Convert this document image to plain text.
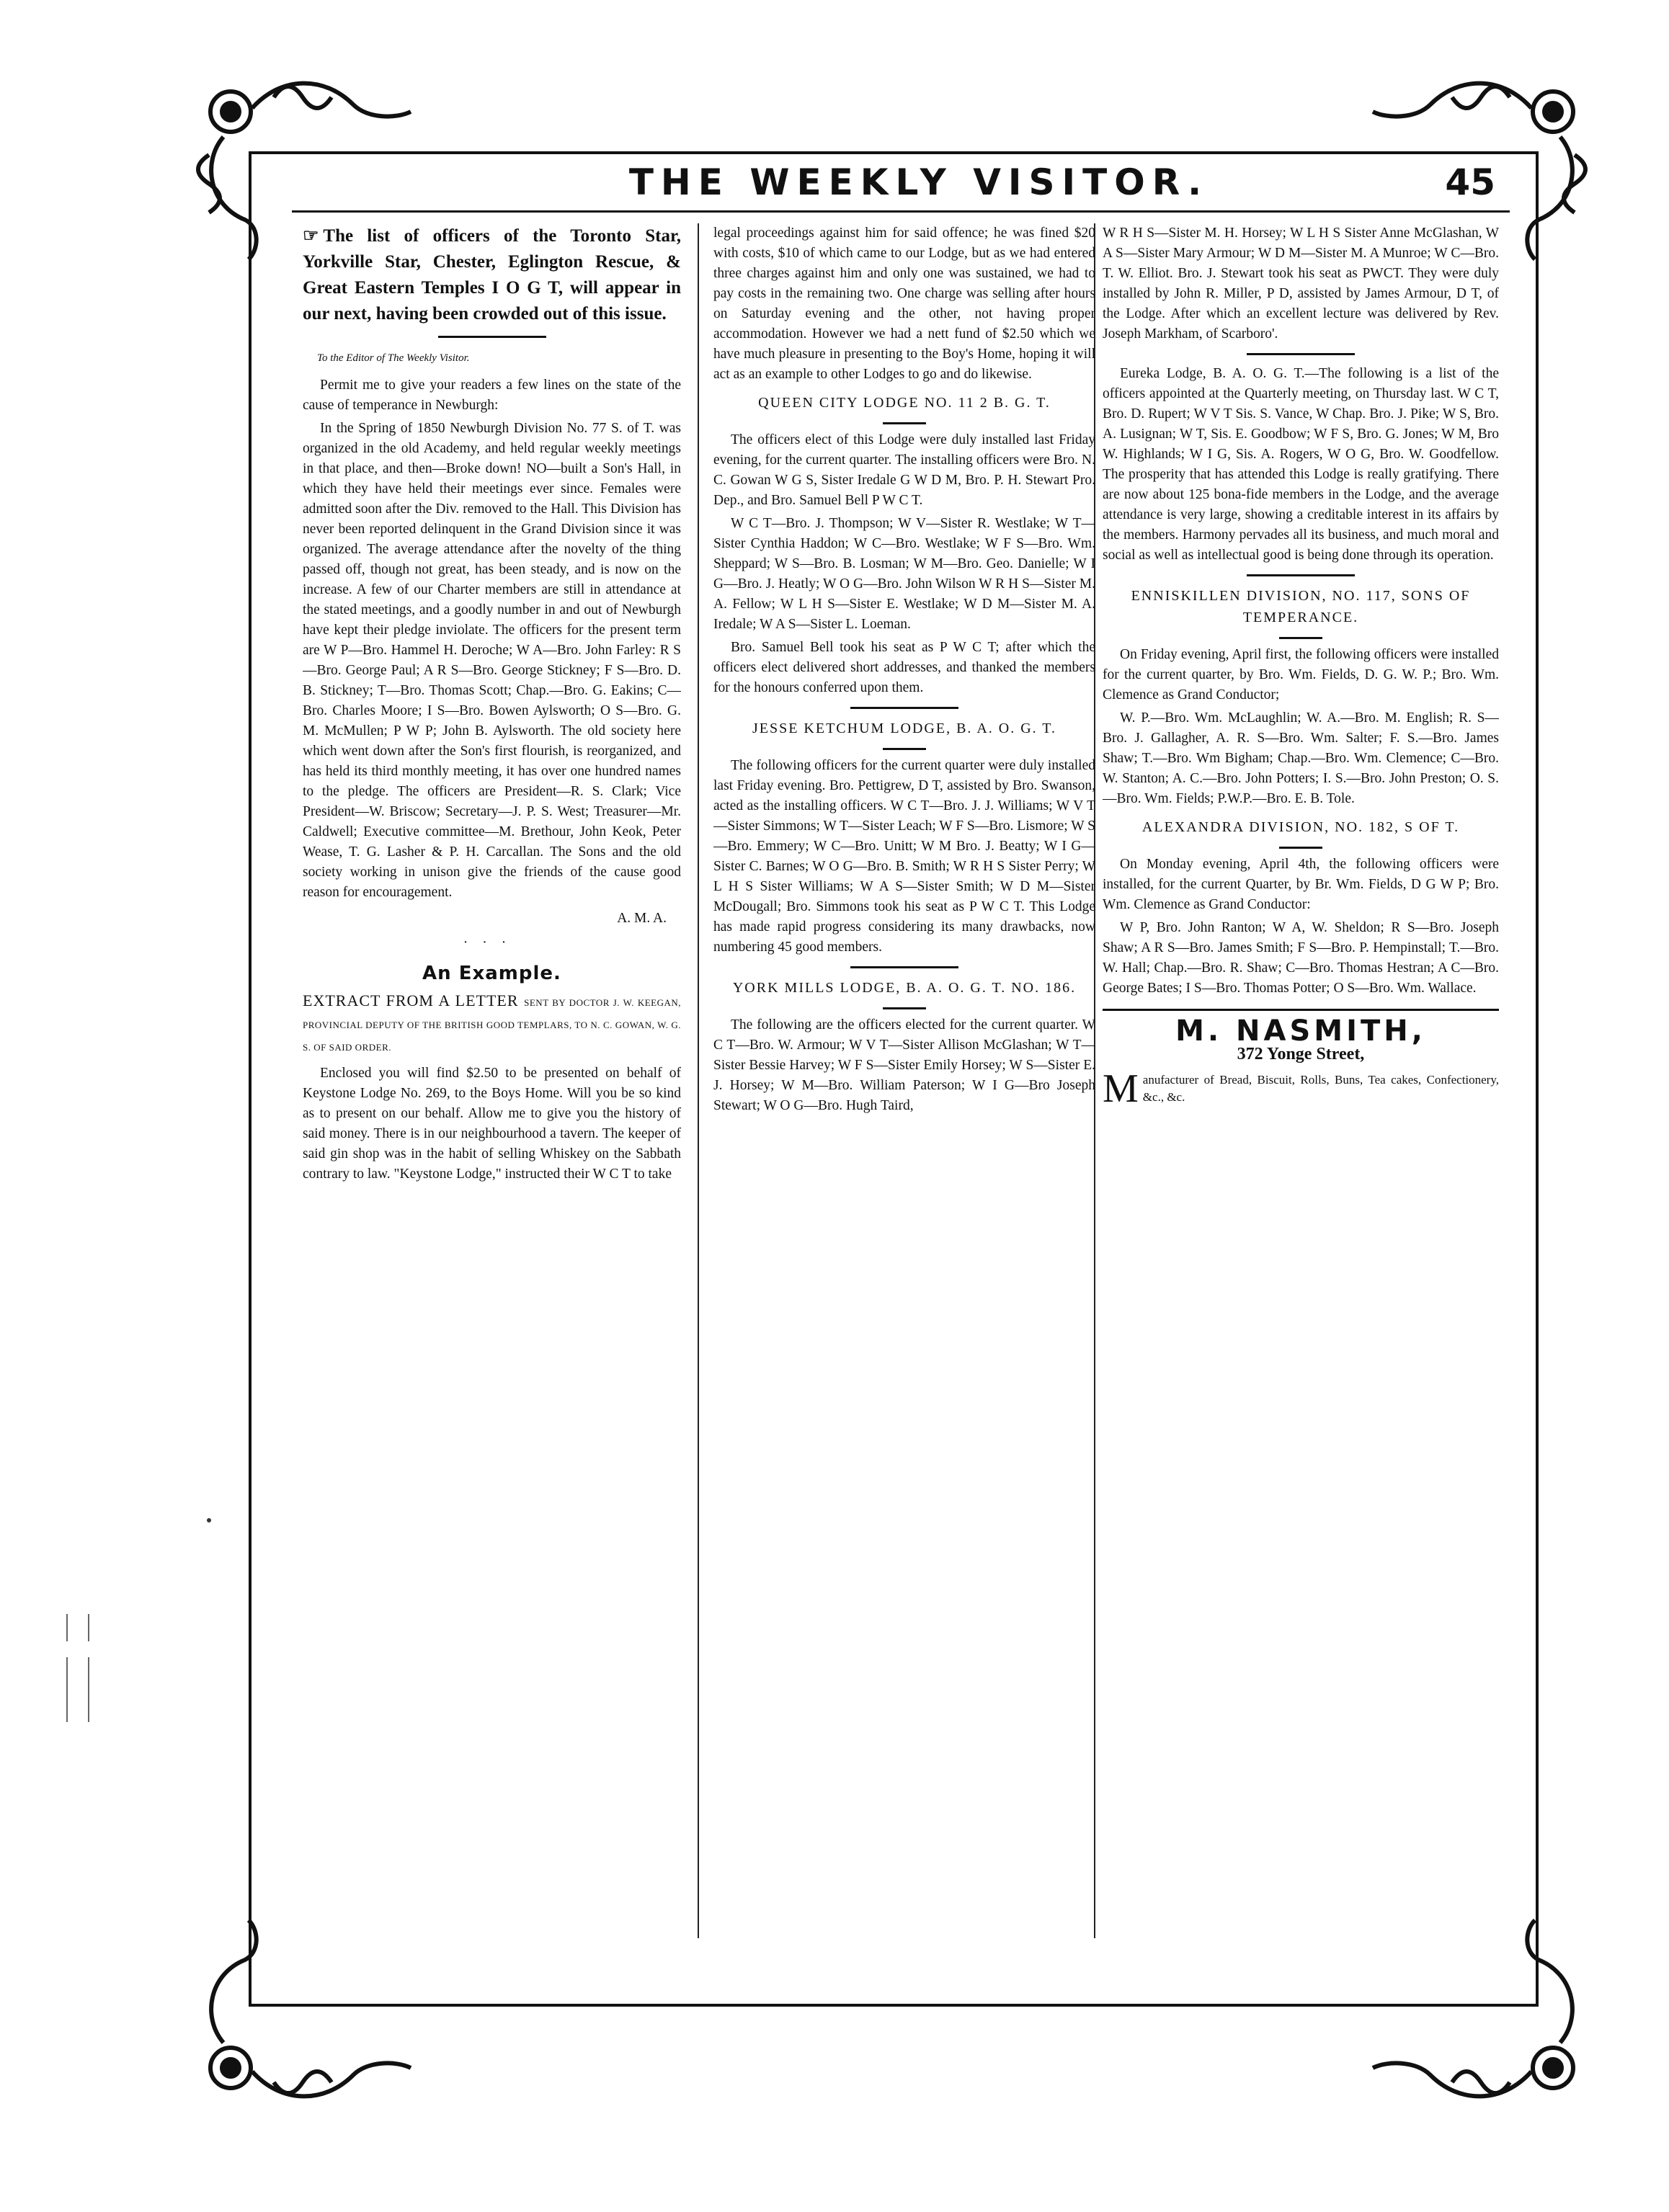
THE WEEKLY VISITOR.	45

☞ The list of officers of the Toronto Star, Yorkville Star, Chester, Eglington Rescue, & Great Eastern Temples I O G T, will appear in our next, having been crowded out of this issue.

To the Editor of The Weekly Visitor.

Permit me to give your readers a few lines on the state of the cause of temperance in Newburgh:

In the Spring of 1850 Newburgh Division No. 77 S. of T. was organized in the old Academy, and held regular weekly meetings in that place, and then—Broke down! NO—built a Son's Hall, in which they have held their meetings ever since. Females were admitted soon after the Div. removed to the Hall. This Division has never been reported delinquent in the Grand Division since it was organized. The average attendance after the novelty of the thing passed off, though not great, has been steady, and is now on the increase. A few of our Charter members are still in attendance at the stated meetings, and a goodly number in and out of Newburgh have kept their pledge inviolate. The officers for the present term are W P—Bro. Hammel H. Deroche; W A—Bro. John Farley: R S—Bro. George Paul; A R S—Bro. George Stickney; F S—Bro. D. B. Stickney; T—Bro. Thomas Scott; Chap.—Bro. G. Eakins; C—Bro. Charles Moore; I S—Bro. Bowen Aylsworth; O S—Bro. G. M. McMullen; P W P; John B. Aylsworth. The old society here which went down after the Son's first flourish, is reorganized, and has held its third monthly meeting, it has over one hundred names to the pledge. The officers are President—R. S. Clark; Vice President—W. Briscow; Secretary—J. P. S. West; Treasurer—Mr. Caldwell; Executive committee—M. Brethour, John Keok, Peter Wease, T. G. Lasher & P. H. Carcallan. The Sons and the old society working in unison give the friends of the cause good reason for encouragement.

A. M. A.

···

An Example.

EXTRACT FROM A LETTER SENT BY DOCTOR J. W. KEEGAN, PROVINCIAL DEPUTY OF THE BRITISH GOOD TEMPLARS, TO N. C. GOWAN, W. G. S. OF SAID ORDER.

Enclosed you will find $2.50 to be presented on behalf of Keystone Lodge No. 269, to the Boys Home. Will you be so kind as to present on our behalf. Allow me to give you the history of said money. There is in our neighbourhood a tavern. The keeper of said gin shop was in the habit of selling Whiskey on the Sabbath contrary to law. "Keystone Lodge," instructed their W C T to take

legal proceedings against him for said offence; he was fined $20 with costs, $10 of which came to our Lodge, but as we had entered three charges against him and only one was sustained, we had to pay costs in the remaining two. One charge was selling after hours on Saturday evening and the other, not having proper accommodation. However we had a nett fund of $2.50 which we have much pleasure in presenting to the Boy's Home, hoping it will act as an example to other Lodges to go and do likewise.

QUEEN CITY LODGE NO. 11 2 B. G. T.

The officers elect of this Lodge were duly installed last Friday evening, for the current quarter. The installing officers were Bro. N. C. Gowan W G S, Sister Iredale G W D M, Bro. P. H. Stewart Pro. Dep., and Bro. Samuel Bell P W C T.

W C T—Bro. J. Thompson; W V—Sister R. Westlake; W T—Sister Cynthia Haddon; W C—Bro. Westlake; W F S—Bro. Wm. Sheppard; W S—Bro. B. Losman; W M—Bro. Geo. Danielle; W I G—Bro. J. Heatly; W O G—Bro. John Wilson W R H S—Sister M. A. Fellow; W L H S—Sister E. Westlake; W D M—Sister M. A. Iredale; W A S—Sister L. Loeman.

Bro. Samuel Bell took his seat as P W C T; after which the officers elect delivered short addresses, and thanked the members for the honours conferred upon them.

JESSE KETCHUM LODGE, B. A. O. G. T.

The following officers for the current quarter were duly installed last Friday evening. Bro. Pettigrew, D T, assisted by Bro. Swanson, acted as the installing officers. W C T—Bro. J. J. Williams; W V T—Sister Simmons; W T—Sister Leach; W F S—Bro. Lismore; W S—Bro. Emmery; W C—Bro. Unitt; W M Bro. J. Beatty; W I G—Sister C. Barnes; W O G—Bro. B. Smith; W R H S Sister Perry; W L H S Sister Williams; W A S—Sister Smith; W D M—Sister McDougall; Bro. Simmons took his seat as P W C T. This Lodge has made rapid progress considering its many drawbacks, now numbering 45 good members.

YORK MILLS LODGE, B. A. O. G. T. NO. 186.

The following are the officers elected for the current quarter. W C T—Bro. W. Armour; W V T—Sister Allison McGlashan; W T—Sister Bessie Harvey; W F S—Sister Emily Horsey; W S—Sister E. J. Horsey; W M—Bro. William Paterson; W I G—Bro Joseph Stewart; W O G—Bro. Hugh Taird,

W R H S—Sister M. H. Horsey; W L H S Sister Anne McGlashan, W A S—Sister Mary Armour; W D M—Sister M. A Munroe; W C—Bro. T. W. Elliot. Bro. J. Stewart took his seat as PWCT. They were duly installed by John R. Miller, P D, assisted by James Armour, D T, of the Lodge. After which an excellent lecture was delivered by Rev. Joseph Markham, of Scarboro'.

Eureka Lodge, B. A. O. G. T.—The following is a list of the officers appointed at the Quarterly meeting, on Thursday last. W C T, Bro. D. Rupert; W V T Sis. S. Vance, W Chap. Bro. J. Pike; W S, Bro. A. Lusignan; W T, Sis. E. Goodbow; W F S, Bro. G. Jones; W M, Bro W. Highlands; W I G, Sis. A. Rogers, W O G, Bro. W. Goodfellow. The prosperity that has attended this Lodge is really gratifying. There are now about 125 bona-fide members in the Lodge, and the average attendance is very large, showing a creditable interest in its affairs by the members. Harmony pervades all its business, and much moral and social as well as intellectual good is being done through its operation.

ENNISKILLEN DIVISION, NO. 117, SONS OF TEMPERANCE.

On Friday evening, April first, the following officers were installed for the current quarter, by Bro. Wm. Fields, D. G. W. P.; Bro. Wm. Clemence as Grand Conductor;

W. P.—Bro. Wm. McLaughlin; W. A.—Bro. M. English; R. S—Bro. J. Gallagher, A. R. S—Bro. Wm. Salter; F. S.—Bro. James Shaw; T.—Bro. Wm Bigham; Chap.—Bro. Wm. Clemence; C—Bro. W. Stanton; A. C.—Bro. John Potters; I. S.—Bro. John Preston; O. S.—Bro. Wm. Fields; P.W.P.—Bro. E. B. Tole.

ALEXANDRA DIVISION, NO. 182, S OF T.

On Monday evening, April 4th, the following officers were installed, for the current Quarter, by Br. Wm. Fields, D G W P; Bro. Wm. Clemence as Grand Conductor:

W P, Bro. John Ranton; W A, W. Sheldon; R S—Bro. Joseph Shaw; A R S—Bro. James Smith; F S—Bro. P. Hempinstall; T.—Bro. W. Hall; Chap.—Bro. R. Shaw; C—Bro. Thomas Hestran; A C—Bro. George Bates; I S—Bro. Thomas Potter; O S—Bro. Wm. Wallace.

M. NASMITH,
372 Yonge Street,

Manufacturer of Bread, Biscuit, Rolls, Buns, Tea cakes, Confectionery, &c., &c.
